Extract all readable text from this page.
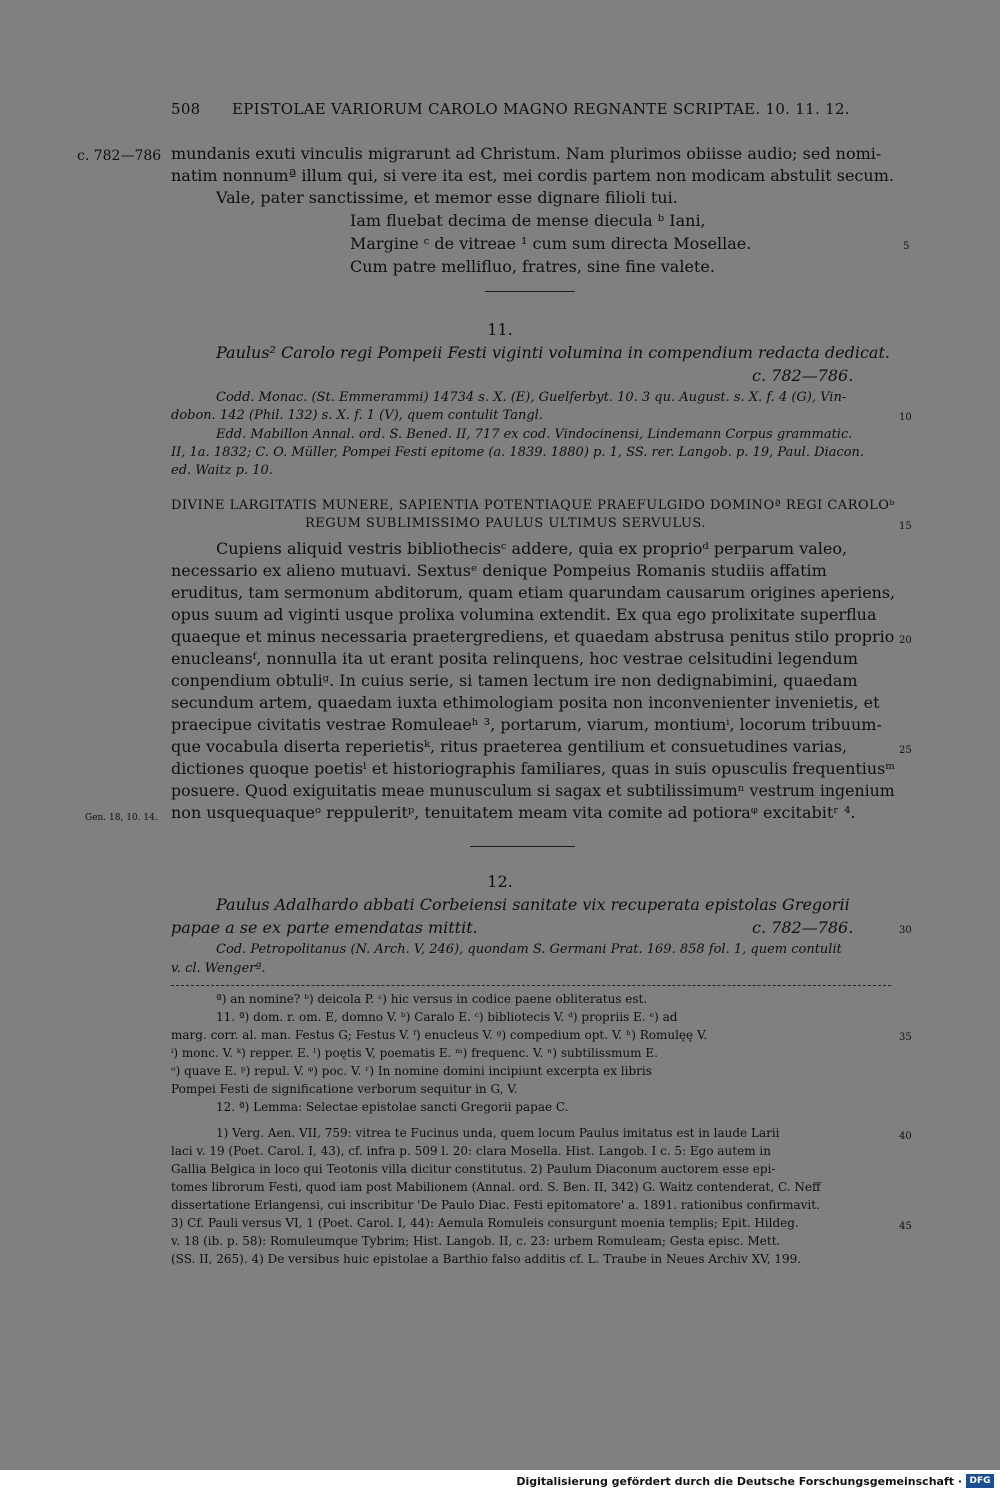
508 EPISTOLAE VARIORUM CAROLO MAGNO REGNANTE SCRIPTAE. 10. 11. 12.
c. 782—786 mundanis exuti vinculis migrarunt ad Christum. Nam plurimos obiisse audio; sed nomi-
natim nonnumª illum qui, si vere ita est, mei cordis partem non modicam abstulit secum.
Vale, pater sanctissime, et memor esse dignare filioli tui.
Iam fluebat decima de mense diecula ᵇ Iani,
Margine ᶜ de vitreae ¹ cum sum directa Mosellae.
Cum patre mellifluo, fratres, sine fine valete.
5
11.
Paulus² Carolo regi Pompeii Festi viginti volumina in compendium redacta dedicat.
c. 782—786.
Codd. Monac. (St. Emmerammi) 14734 s. X. (E), Guelferbyt. 10. 3 qu. August. s. X. f. 4 (G), Vin-
dobon. 142 (Phil. 132) s. X. f. 1 (V), quem contulit Tangl.	10
Edd. Mabillon Annal. ord. S. Bened. II, 717 ex cod. Vindocinensi, Lindemann Corpus grammatic.
II, 1a. 1832; C. O. Müller, Pompei Festi epitome (a. 1839. 1880) p. 1, SS. rer. Langob. p. 19, Paul. Diacon.
ed. Waitz p. 10.
DIVINE LARGITATIS MUNERE, SAPIENTIA POTENTIAQUE PRAEFULGIDO DOMINOª REGI CAROLOᵇ
REGUM SUBLIMISSIMO PAULUS ULTIMUS SERVULUS.	15
Cupiens aliquid vestris bibliothecisᶜ addere, quia ex proprioᵈ perparum valeo,
necessario ex alieno mutuavi. Sextusᵉ denique Pompeius Romanis studiis affatim
eruditus, tam sermonum abditorum, quam etiam quarundam causarum origines aperiens,
opus suum ad viginti usque prolixa volumina extendit. Ex qua ego prolixitate superflua
quaeque et minus necessaria praetergrediens, et quaedam abstrusa penitus stilo proprio 20
enucleansᶠ, nonnulla ita ut erant posita relinquens, hoc vestrae celsitudini legendum
conpendium obtuliᵍ. In cuius serie, si tamen lectum ire non dedignabimini, quaedam
secundum artem, quaedam iuxta ethimologiam posita non inconvenienter invenietis, et
praecipue civitatis vestrae Romuleaeʰ ³, portarum, viarum, montiumⁱ, locorum tribuum-
que vocabula diserta reperietisᵏ, ritus praeterea gentilium et consuetudines varias,	25
dictiones quoque poetisˡ et historiographis familiares, quas in suis opusculis frequentiusᵐ
posuere. Quod exiguitatis meae munusculum si sagax et subtilissimumⁿ vestrum ingenium
non usquequaqueᵒ reppuleritᵖ, tenuitatem meam vita comite ad potioraᵠ excitabitʳ ⁴.
Gen. 18, 10. 14.
12.
Paulus Adalhardo abbati Corbeiensi sanitate vix recuperata epistolas Gregorii
papae a se ex parte emendatas mittit.	c. 782—786.	30
Cod. Petropolitanus (N. Arch. V, 246), quondam S. Germani Prat. 169. 858 fol. 1, quem contulit
v. cl. Wengerª.
ª) an nomine? ᵇ) deicola P. ᶜ) hic versus in codice paene obliteratus est.
11. ª) dom. r. om. E, domno V. ᵇ) Caralo E. ᶜ) bibliotecis V. ᵈ) propriis E. ᵉ) ad
marg. corr. al. man. Festus G; Festus V. ᶠ) enucleus V. ᵍ) compedium opt. V. ʰ) Romulęę V.	35
ⁱ) monc. V. ᵏ) repper. E. ˡ) poętis V, poematis E. ᵐ) frequenc. V. ⁿ) subtilissmum E.
ᵒ) quave E. ᵖ) repul. V. ᵠ) poc. V. ʳ) In nomine domini incipiunt excerpta ex libris
Pompei Festi de significatione verborum sequitur in G, V.
12. ª) Lemma: Selectae epistolae sancti Gregorii papae C.
1) Verg. Aen. VII, 759: vitrea te Fucinus unda, quem locum Paulus imitatus est in laude Larii	40
laci v. 19 (Poet. Carol. I, 43), cf. infra p. 509 l. 20: clara Mosella. Hist. Langob. I c. 5: Ego autem in
Gallia Belgica in loco qui Teotonis villa dicitur constitutus. 2) Paulum Diaconum auctorem esse epi-
tomes librorum Festi, quod iam post Mabilionem (Annal. ord. S. Ben. II, 342) G. Waitz contenderat, C. Neff
dissertatione Erlangensi, cui inscribitur 'De Paulo Diac. Festi epitomatore' a. 1891. rationibus confirmavit.
3) Cf. Pauli versus VI, 1 (Poet. Carol. I, 44): Aemula Romuleis consurgunt moenia templis; Epit. Hildeg.	45
v. 18 (ib. p. 58): Romuleumque Tybrim; Hist. Langob. II, c. 23: urbem Romuleam; Gesta episc. Mett.
(SS. II, 265). 4) De versibus huic epistolae a Barthio falso additis cf. L. Traube in Neues Archiv XV, 199.
Digitalisierung gefördert durch die Deutsche Forschungsgemeinschaft · DFG
